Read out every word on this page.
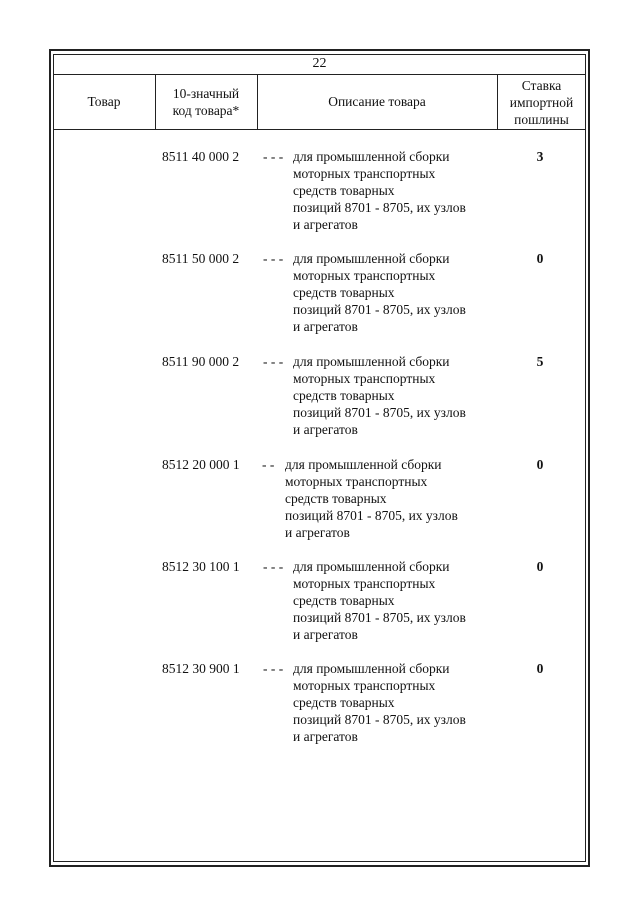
22
Товар
10-значный
код товара*
Описание товара
Ставка
импортной
пошлины
8511 40 000 2 - - - для промышленной сборки
моторных транспортных
средств товарных
позиций 8701 - 8705, их узлов
и агрегатов
3
8511 50 000 2 - - - для промышленной сборки
моторных транспортных
средств товарных
позиций 8701 - 8705, их узлов
и агрегатов
0
8511 90 000 2 - - - для промышленной сборки
моторных транспортных
средств товарных
позиций 8701 - 8705, их узлов
и агрегатов
5
8512 20 000 1 - - для промышленной сборки
моторных транспортных
средств товарных
позиций 8701 - 8705, их узлов
и агрегатов
0
8512 30 100 1 - - - для промышленной сборки
моторных транспортных
средств товарных
позиций 8701 - 8705, их узлов
и агрегатов
0
8512 30 900 1 - - - для промышленной сборки
моторных транспортных
средств товарных
позиций 8701 - 8705, их узлов
и агрегатов
0
